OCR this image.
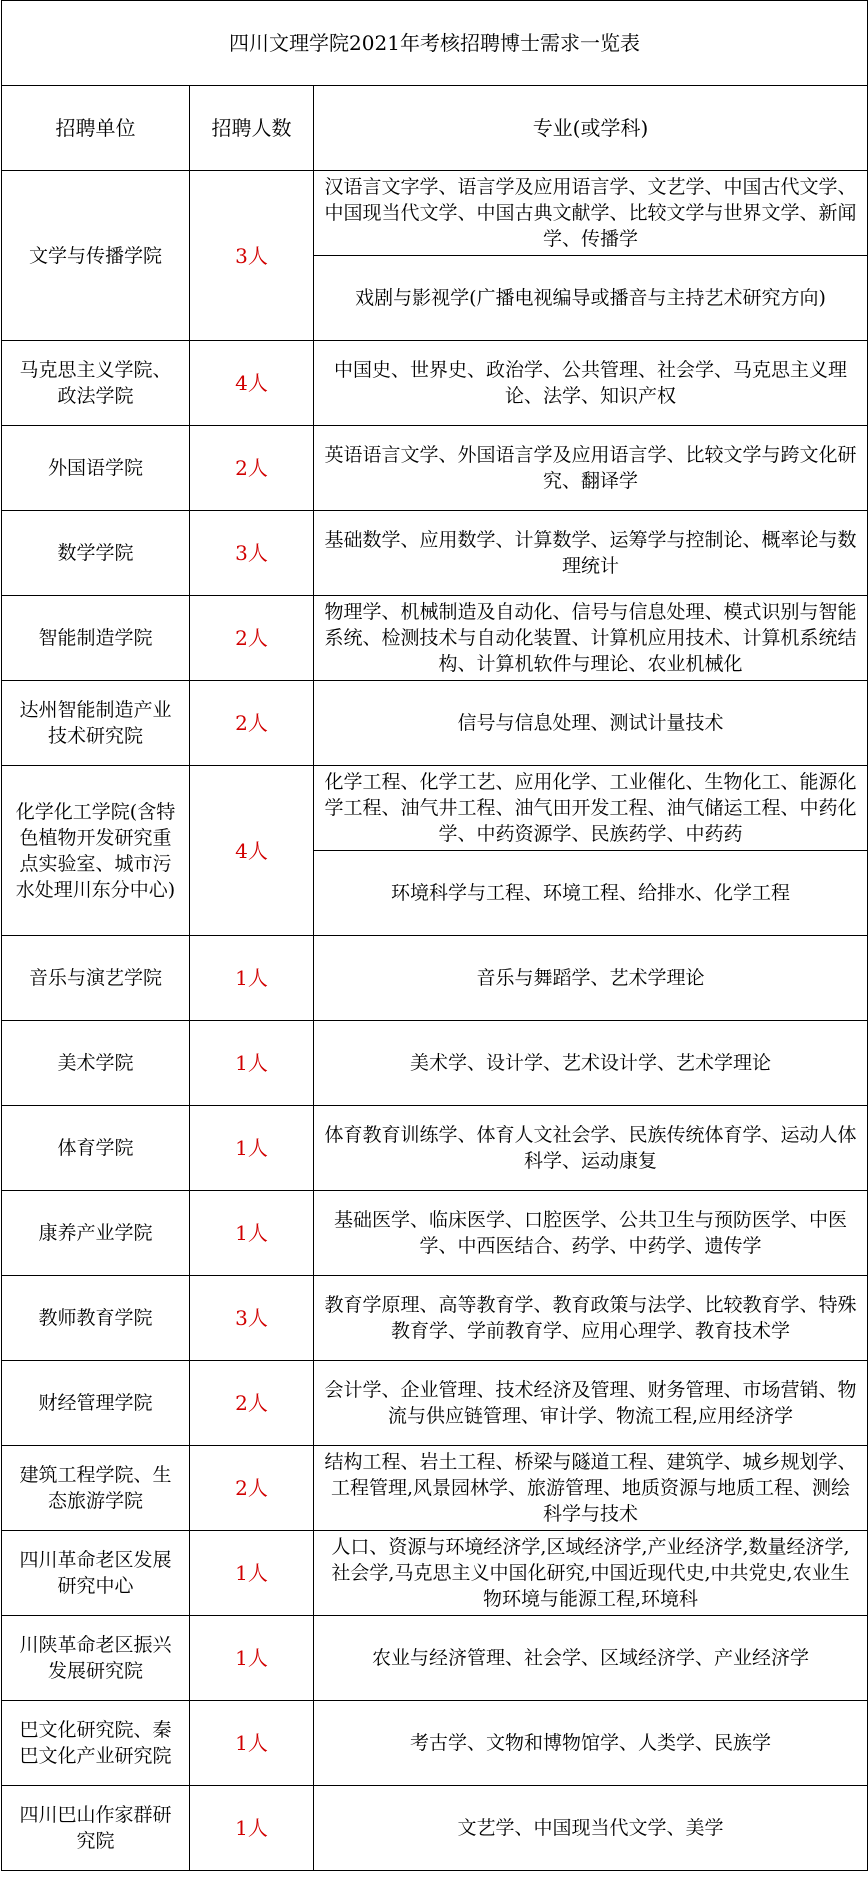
四川文理学院2021年考核招聘博士需求一览表		
招聘单位	招聘人数	专业(或学科)
文学与传播学院	3人	汉语言文字学、语言学及应用语言学、文艺学、中国古代文学、中国现当代文学、中国古典文献学、比较文学与世界文学、新闻学、传播学
		戏剧与影视学(广播电视编导或播音与主持艺术研究方向)
马克思主义学院、政法学院	4人	中国史、世界史、政治学、公共管理、社会学、马克思主义理论、法学、知识产权
外国语学院	2人	英语语言文学、外国语言学及应用语言学、比较文学与跨文化研究、翻译学
数学学院	3人	基础数学、应用数学、计算数学、运筹学与控制论、概率论与数理统计
智能制造学院	2人	物理学、机械制造及自动化、信号与信息处理、模式识别与智能系统、检测技术与自动化装置、计算机应用技术、计算机系统结构、计算机软件与理论、农业机械化
达州智能制造产业技术研究院	2人	信号与信息处理、测试计量技术
化学化工学院(含特色植物开发研究重点实验室、城市污水处理川东分中心)	4人	化学工程、化学工艺、应用化学、工业催化、生物化工、能源化学工程、油气井工程、油气田开发工程、油气储运工程、中药化学、中药资源学、民族药学、中药药
		环境科学与工程、环境工程、给排水、化学工程
音乐与演艺学院	1人	音乐与舞蹈学、艺术学理论
美术学院	1人	美术学、设计学、艺术设计学、艺术学理论
体育学院	1人	体育教育训练学、体育人文社会学、民族传统体育学、运动人体科学、运动康复
康养产业学院	1人	基础医学、临床医学、口腔医学、公共卫生与预防医学、中医学、中西医结合、药学、中药学、遗传学
教师教育学院	3人	教育学原理、高等教育学、教育政策与法学、比较教育学、特殊教育学、学前教育学、应用心理学、教育技术学
财经管理学院	2人	会计学、企业管理、技术经济及管理、财务管理、市场营销、物流与供应链管理、审计学、物流工程,应用经济学
建筑工程学院、生态旅游学院	2人	结构工程、岩土工程、桥梁与隧道工程、建筑学、城乡规划学、工程管理,风景园林学、旅游管理、地质资源与地质工程、测绘科学与技术
四川革命老区发展研究中心	1人	人口、资源与环境经济学,区域经济学,产业经济学,数量经济学,社会学,马克思主义中国化研究,中国近现代史,中共党史,农业生物环境与能源工程,环境科
川陕革命老区振兴发展研究院	1人	农业与经济管理、社会学、区域经济学、产业经济学
巴文化研究院、秦巴文化产业研究院	1人	考古学、文物和博物馆学、人类学、民族学
四川巴山作家群研究院	1人	文艺学、中国现当代文学、美学
